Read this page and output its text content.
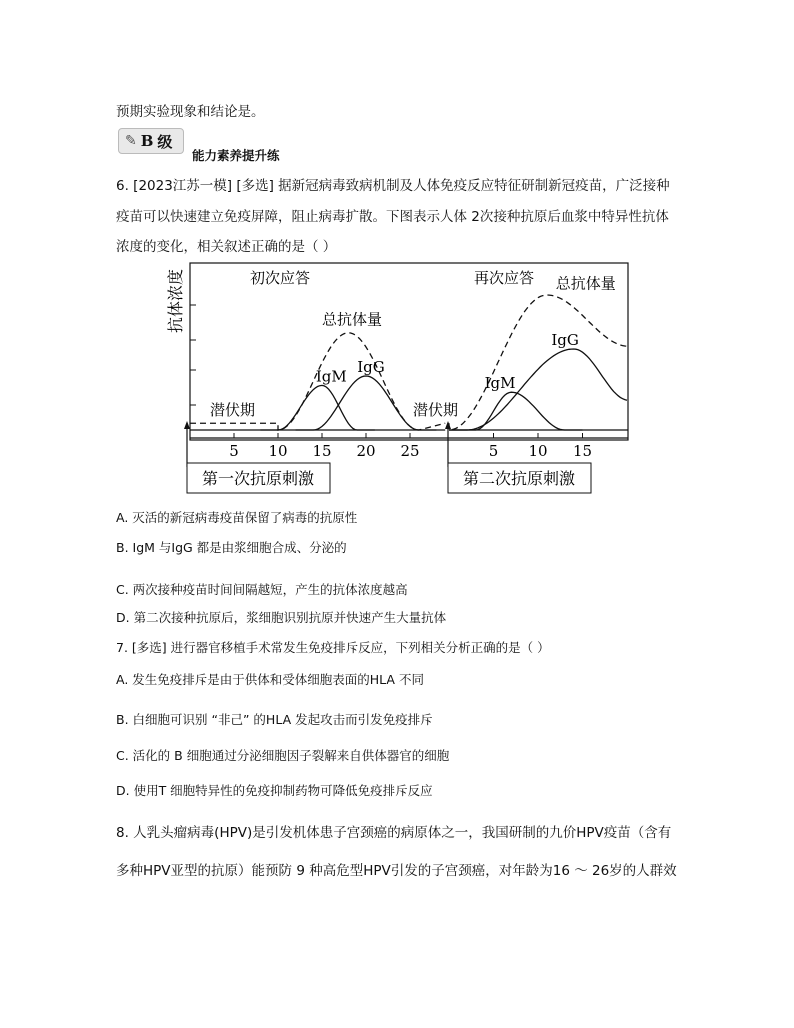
预期实验现象和结论是。
✎ B 级
能力素养提升练
6. [2023江苏一模] [多选] 据新冠病毒致病机制及人体免疫反应特征研制新冠疫苗，广泛接种
疫苗可以快速建立免疫屏障，阻止病毒扩散。下图表示人体 2次接种抗原后血浆中特异性抗体
浓度的变化，相关叙述正确的是（ ）
抗体浓度
5 10 15 20 25	5 10 15
初次应答	再次应答
潜伏期	潜伏期
IgM
IgG
总抗体量
IgM
IgG
总抗体量
第一次抗原刺激	第二次抗原刺激
A. 灭活的新冠病毒疫苗保留了病毒的抗原性
B. IgM 与IgG 都是由浆细胞合成、分泌的
C. 两次接种疫苗时间间隔越短，产生的抗体浓度越高
D. 第二次接种抗原后，浆细胞识别抗原并快速产生大量抗体
7. [多选] 进行器官移植手术常发生免疫排斥反应，下列相关分析正确的是（ ）
A. 发生免疫排斥是由于供体和受体细胞表面的HLA 不同
B. 白细胞可识别 “非己” 的HLA 发起攻击而引发免疫排斥
C. 活化的 B 细胞通过分泌细胞因子裂解来自供体器官的细胞
D. 使用T 细胞特异性的免疫抑制药物可降低免疫排斥反应
8. 人乳头瘤病毒(HPV)是引发机体患子宫颈癌的病原体之一，我国研制的九价HPV疫苗（含有
多种HPV亚型的抗原）能预防 9 种高危型HPV引发的子宫颈癌，对年龄为16 ～ 26岁的人群效
